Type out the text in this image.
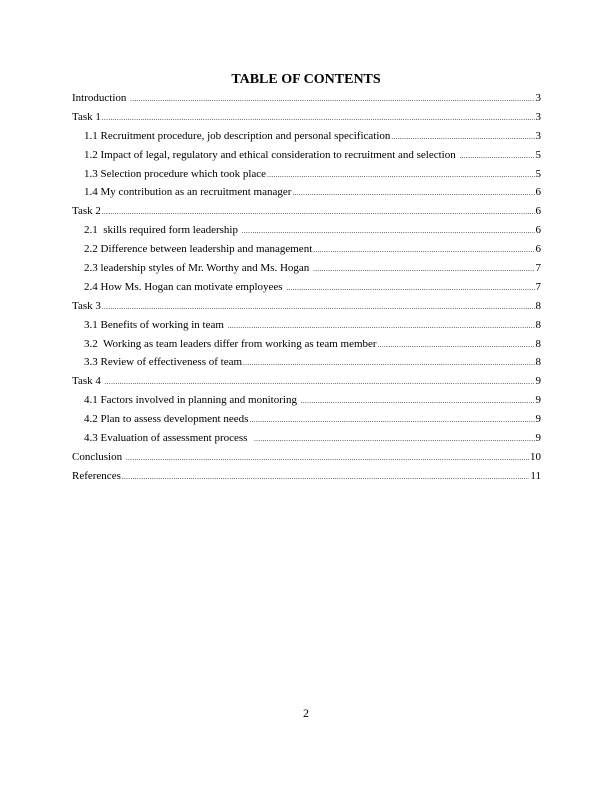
TABLE OF CONTENTS
Introduction .....	3
Task 1 .....	3
1.1 Recruitment procedure, job description and personal specification .....	3
1.2 Impact of legal, regulatory and ethical consideration to recruitment and selection .....	5
1.3 Selection procedure which took place .....	5
1.4 My contribution as an recruitment manager .....	6
Task 2 .....	6
2.1  skills required form leadership .....	6
2.2 Difference between leadership and management .....	6
2.3 leadership styles of Mr. Worthy and Ms. Hogan .....	7
2.4 How Ms. Hogan can motivate employees .....	7
Task 3 .....	8
3.1 Benefits of working in team .....	8
3.2  Working as team leaders differ from working as team member .....	8
3.3 Review of effectiveness of team .....	8
Task 4 .....	9
4.1 Factors involved in planning and monitoring .....	9
4.2 Plan to assess development needs .....	9
4.3 Evaluation of assessment process .....	9
Conclusion .....	10
References .....	11
2
